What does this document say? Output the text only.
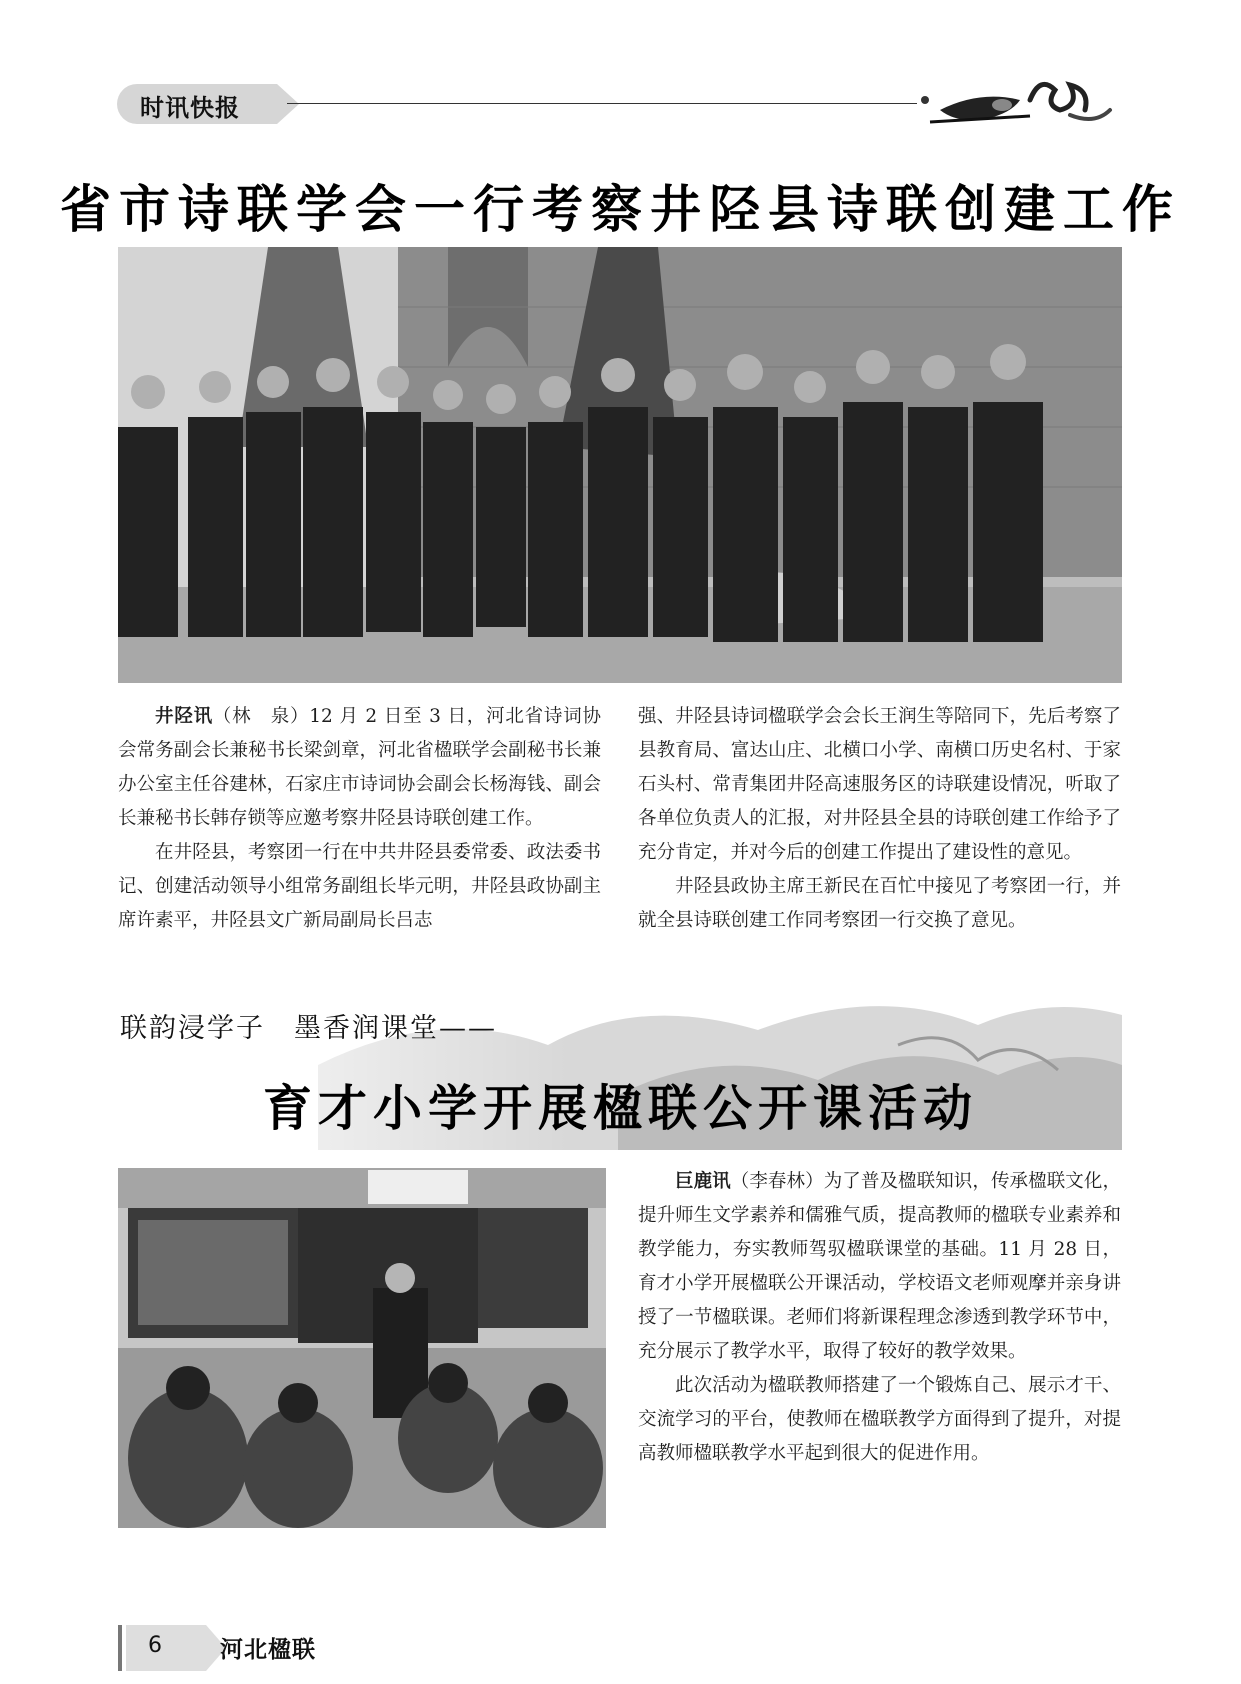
时讯快报
省市诗联学会一行考察井陉县诗联创建工作

井陉讯（林　泉）12 月 2 日至 3 日，河北省诗词协会常务副会长兼秘书长梁剑章，河北省楹联学会副秘书长兼办公室主任谷建林，石家庄市诗词协会副会长杨海钱、副会长兼秘书长韩存锁等应邀考察井陉县诗联创建工作。

在井陉县，考察团一行在中共井陉县委常委、政法委书记、创建活动领导小组常务副组长毕元明，井陉县政协副主席许素平，井陉县文广新局副局长吕志

强、井陉县诗词楹联学会会长王润生等陪同下，先后考察了县教育局、富达山庄、北横口小学、南横口历史名村、于家石头村、常青集团井陉高速服务区的诗联建设情况，听取了各单位负责人的汇报，对井陉县全县的诗联创建工作给予了充分肯定，并对今后的创建工作提出了建设性的意见。

井陉县政协主席王新民在百忙中接见了考察团一行，并就全县诗联创建工作同考察团一行交换了意见。

联韵浸学子　墨香润课堂——
育才小学开展楹联公开课活动

巨鹿讯（李春林）为了普及楹联知识，传承楹联文化，提升师生文学素养和儒雅气质，提高教师的楹联专业素养和教学能力，夯实教师驾驭楹联课堂的基础。11 月 28 日，育才小学开展楹联公开课活动，学校语文老师观摩并亲身讲授了一节楹联课。老师们将新课程理念渗透到教学环节中，充分展示了教学水平，取得了较好的教学效果。

此次活动为楹联教师搭建了一个锻炼自己、展示才干、交流学习的平台，使教师在楹联教学方面得到了提升，对提高教师楹联教学水平起到很大的促进作用。

6	河北楹联
